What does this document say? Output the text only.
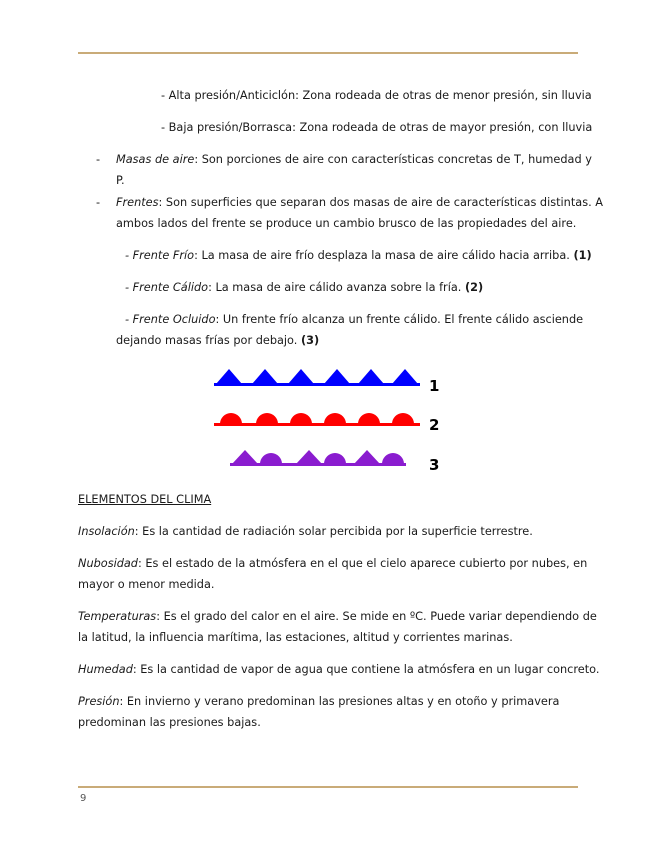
- Alta presión/Anticiclón: Zona rodeada de otras de menor presión, sin lluvia
- Baja presión/Borrasca: Zona rodeada de otras de mayor presión, con lluvia
- Masas de aire: Son porciones de aire con características concretas de T, humedad y
P.
- Frentes: Son superficies que separan dos masas de aire de características distintas. A
ambos lados del frente se produce un cambio brusco de las propiedades del aire.
- Frente Frío: La masa de aire frío desplaza la masa de aire cálido hacia arriba. (1)
- Frente Cálido: La masa de aire cálido avanza sobre la fría. (2)
- Frente Ocluido: Un frente frío alcanza un frente cálido. El frente cálido asciende
dejando masas frías por debajo. (3)
1
2
3
ELEMENTOS DEL CLIMA
Insolación: Es la cantidad de radiación solar percibida por la superficie terrestre.
Nubosidad: Es el estado de la atmósfera en el que el cielo aparece cubierto por nubes, en
mayor o menor medida.
Temperaturas: Es el grado del calor en el aire. Se mide en ºC. Puede variar dependiendo de
la latitud, la influencia marítima, las estaciones, altitud y corrientes marinas.
Humedad: Es la cantidad de vapor de agua que contiene la atmósfera en un lugar concreto.
Presión: En invierno y verano predominan las presiones altas y en otoño y primavera
predominan las presiones bajas.
9
